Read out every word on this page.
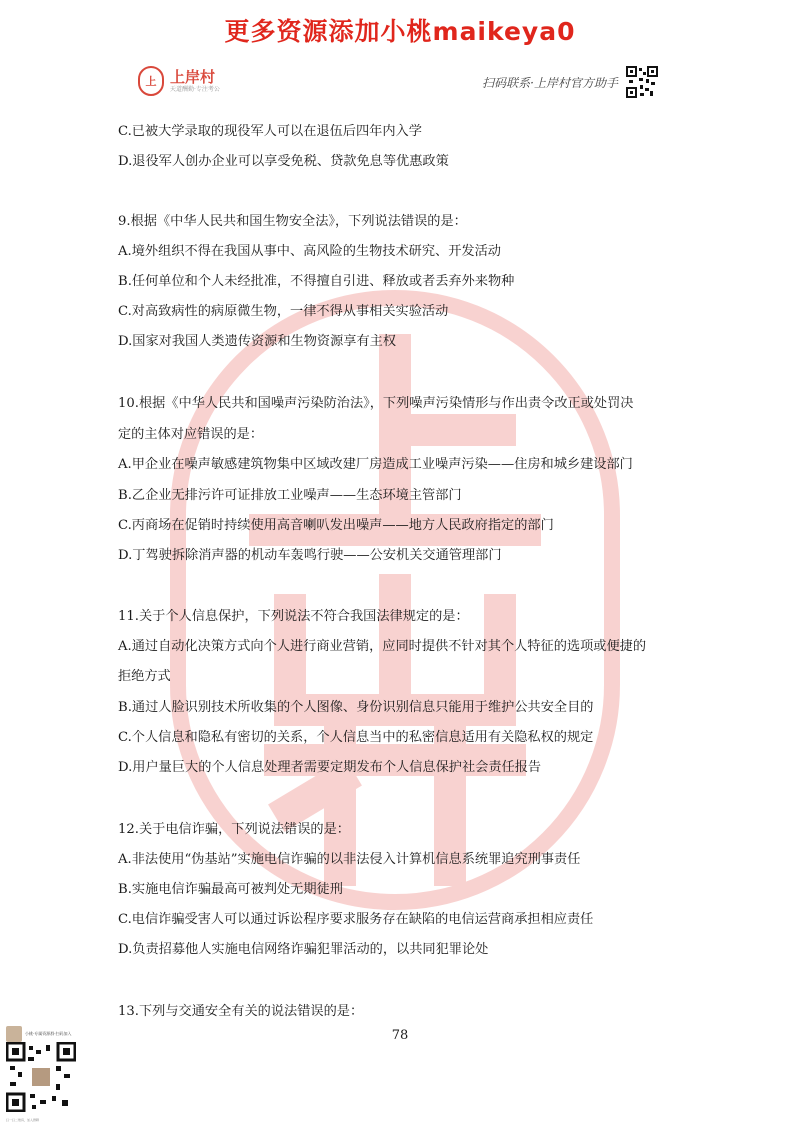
更多资源添加小桃maikeya0
上 上岸村
天道酬勤·专注考公	扫码联系·上岸村官方助手
C.已被大学录取的现役军人可以在退伍后四年内入学
D.退役军人创办企业可以享受免税、贷款免息等优惠政策
9.根据《中华人民共和国生物安全法》，下列说法错误的是：
A.境外组织不得在我国从事中、高风险的生物技术研究、开发活动
B.任何单位和个人未经批准，不得擅自引进、释放或者丢弃外来物种
C.对高致病性的病原微生物，一律不得从事相关实验活动
D.国家对我国人类遗传资源和生物资源享有主权
10.根据《中华人民共和国噪声污染防治法》，下列噪声污染情形与作出责令改正或处罚决
定的主体对应错误的是：
A.甲企业在噪声敏感建筑物集中区域改建厂房造成工业噪声污染——住房和城乡建设部门
B.乙企业无排污许可证排放工业噪声——生态环境主管部门
C.丙商场在促销时持续使用高音喇叭发出噪声——地方人民政府指定的部门
D.丁驾驶拆除消声器的机动车轰鸣行驶——公安机关交通管理部门
11.关于个人信息保护，下列说法不符合我国法律规定的是：
A.通过自动化决策方式向个人进行商业营销，应同时提供不针对其个人特征的选项或便捷的
拒绝方式
B.通过人脸识别技术所收集的个人图像、身份识别信息只能用于维护公共安全目的
C.个人信息和隐私有密切的关系，个人信息当中的私密信息适用有关隐私权的规定
D.用户量巨大的个人信息处理者需要定期发布个人信息保护社会责任报告
12.关于电信诈骗，下列说法错误的是：
A.非法使用“伪基站”实施电信诈骗的以非法侵入计算机信息系统罪追究刑事责任
B.实施电信诈骗最高可被判处无期徒刑
C.电信诈骗受害人可以通过诉讼程序要求服务存在缺陷的电信运营商承担相应责任
D.负责招募他人实施电信网络诈骗犯罪活动的，以共同犯罪论处
13.下列与交通安全有关的说法错误的是：
78
小桃·专属资源群·扫码加入
扫一扫二维码，加入群聊
